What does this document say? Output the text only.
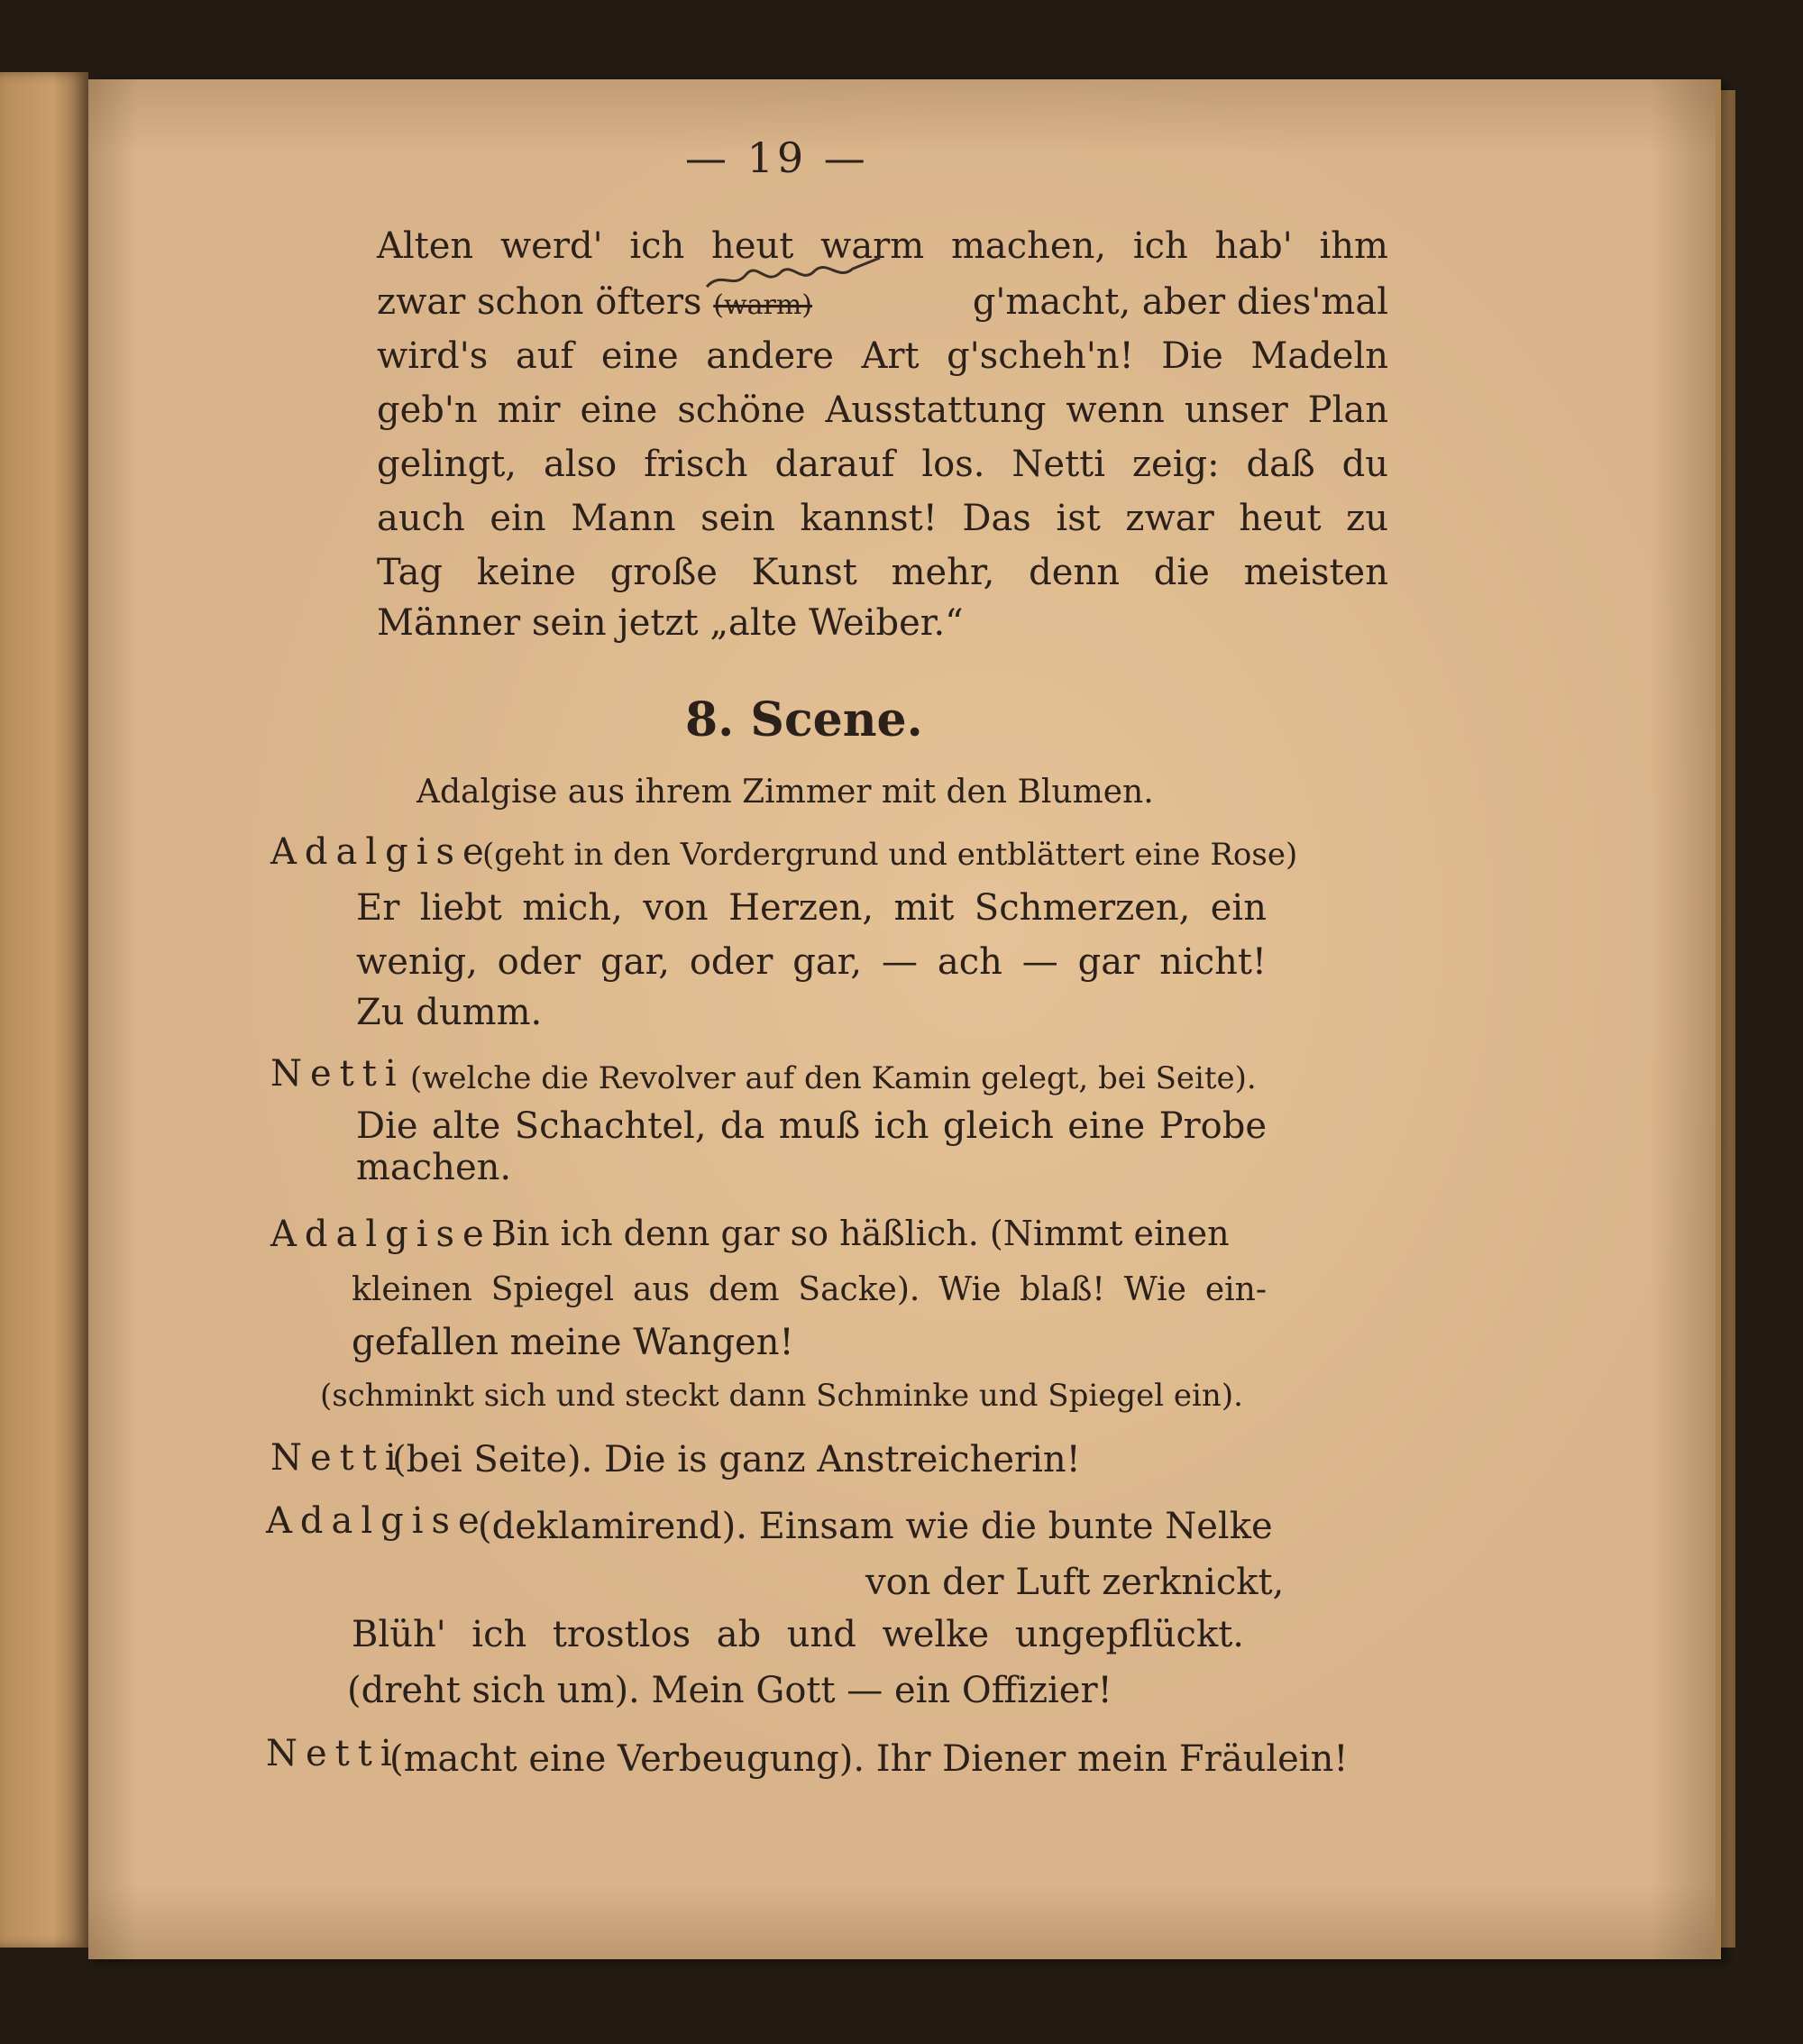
— 19 —
Alten werd' ich heut warm machen, ich hab' ihm
zwar schon öfters (warm)	g'macht, aber dies'mal
wird's auf eine andere Art g'scheh'n! Die Madeln
geb'n mir eine schöne Ausstattung wenn unser Plan
gelingt, also frisch darauf los. Netti zeig: daß du
auch ein Mann sein kannst! Das ist zwar heut zu
Tag keine große Kunst mehr, denn die meisten
Männer sein jetzt „alte Weiber.“
8. Scene.
Adalgise aus ihrem Zimmer mit den Blumen.
Adalgise
(geht in den Vordergrund und entblättert eine Rose)
Er liebt mich, von Herzen, mit Schmerzen, ein
wenig, oder gar, oder gar, — ach — gar nicht!
Zu dumm.
Netti (welche die Revolver auf den Kamin gelegt, bei Seite).
Die alte Schachtel, da muß ich gleich eine Probe
machen.
Adalgise.
Bin ich denn gar so häßlich. (Nimmt einen
kleinen Spiegel aus dem Sacke). Wie blaß! Wie ein-
gefallen meine Wangen!
(schminkt sich und steckt dann Schminke und Spiegel ein).
Netti
(bei Seite). Die is ganz Anstreicherin!
Adalgise
(deklamirend). Einsam wie die bunte Nelke
von der Luft zerknickt,
Blüh' ich trostlos ab und welke ungepflückt.
(dreht sich um). Mein Gott — ein Offizier!
Netti
(macht eine Verbeugung). Ihr Diener mein Fräulein!
